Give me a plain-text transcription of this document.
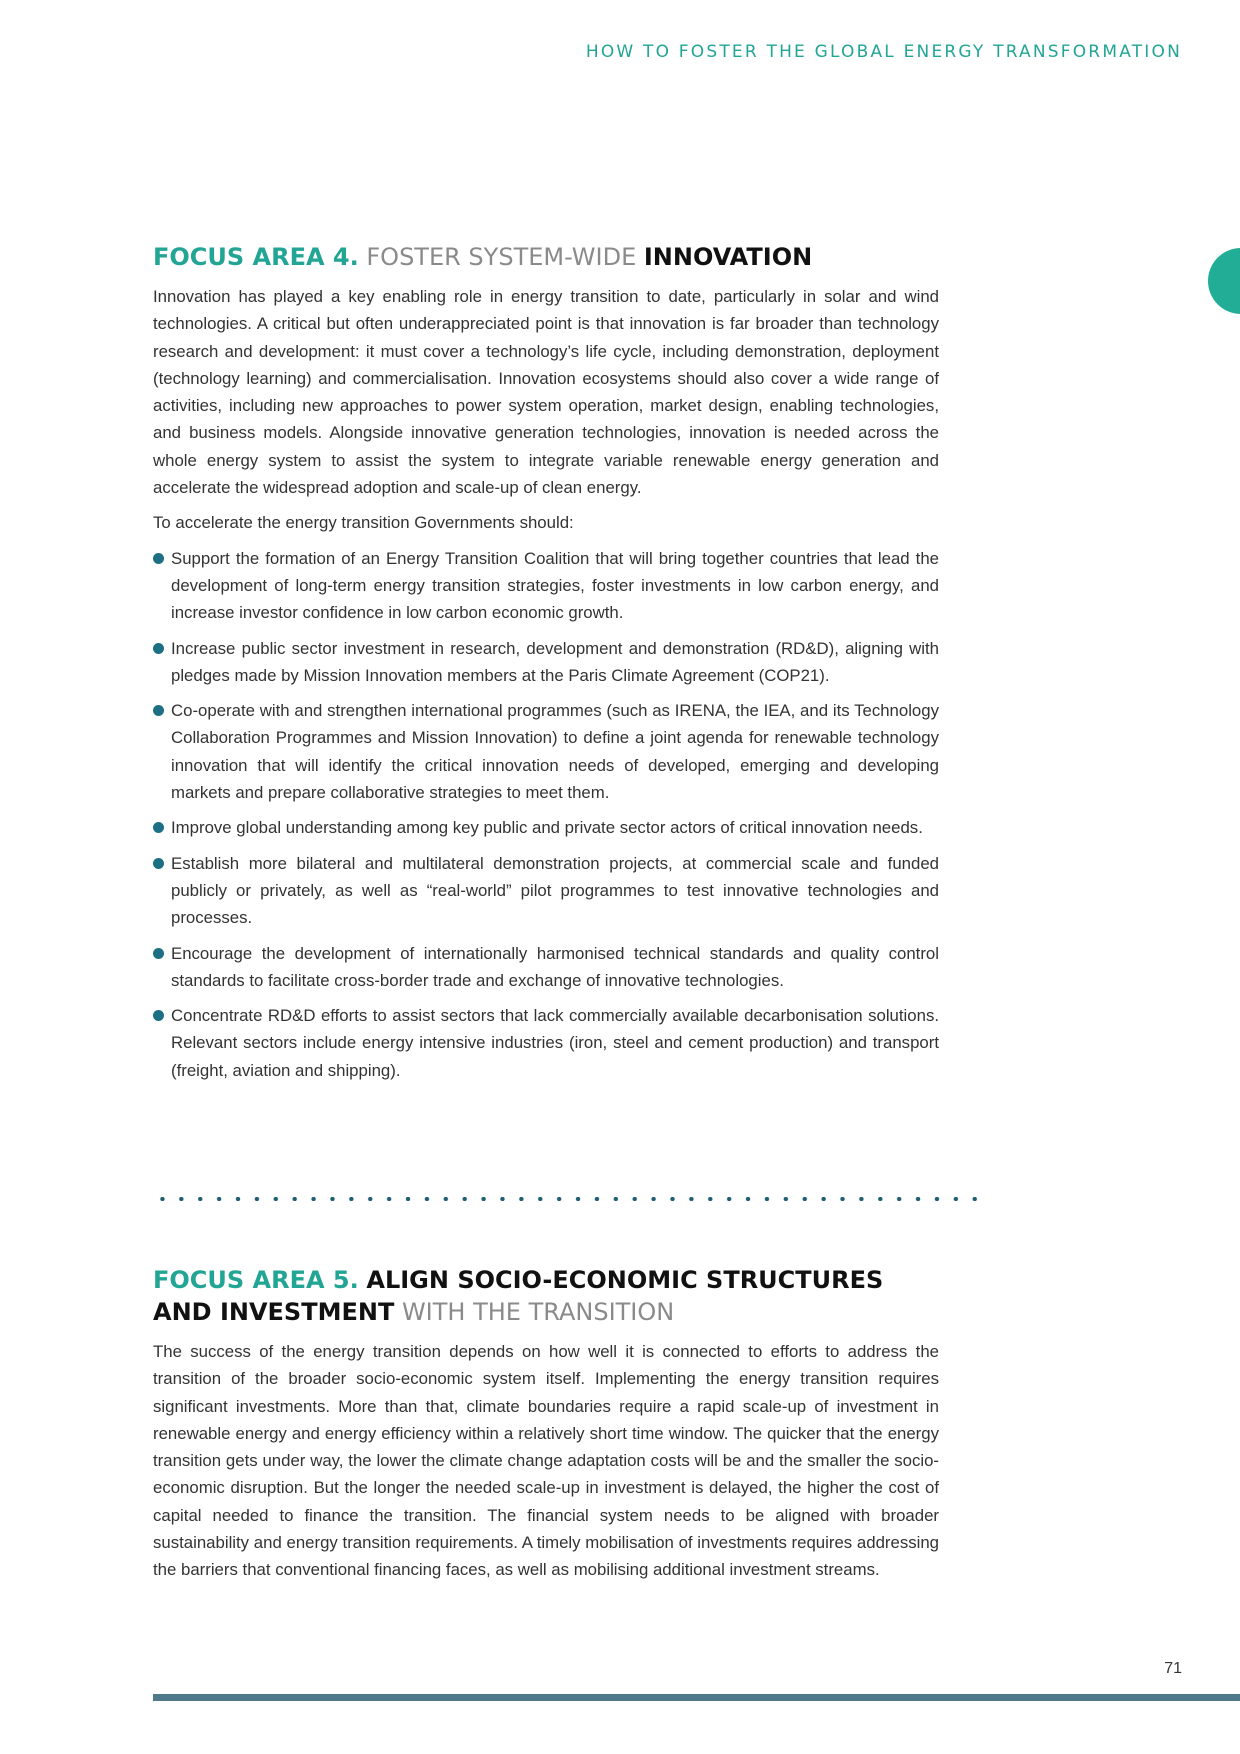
HOW TO FOSTER THE GLOBAL ENERGY TRANSFORMATION
FOCUS AREA 4. FOSTER SYSTEM-WIDE INNOVATION

Innovation has played a key enabling role in energy transition to date, particularly in solar and wind technologies. A critical but often underappreciated point is that innovation is far broader than technology research and development: it must cover a technology’s life cycle, including demonstration, deployment (technology learning) and commercialisation. Innovation ecosystems should also cover a wide range of activities, including new approaches to power system operation, market design, enabling technologies, and business models. Alongside innovative generation technologies, innovation is needed across the whole energy system to assist the system to integrate variable renewable energy generation and accelerate the widespread adoption and scale-up of clean energy.

To accelerate the energy transition Governments should:

Support the formation of an Energy Transition Coalition that will bring together countries that lead the development of long-term energy transition strategies, foster investments in low carbon energy, and increase investor confidence in low carbon economic growth.
Increase public sector investment in research, development and demonstration (RD&D), aligning with pledges made by Mission Innovation members at the Paris Climate Agreement (COP21).
Co-operate with and strengthen international programmes (such as IRENA, the IEA, and its Technology Collaboration Programmes and Mission Innovation) to define a joint agenda for renewable technology innovation that will identify the critical innovation needs of developed, emerging and developing markets and prepare collaborative strategies to meet them.
Improve global understanding among key public and private sector actors of critical innovation needs.
Establish more bilateral and multilateral demonstration projects, at commercial scale and funded publicly or privately, as well as “real-world” pilot programmes to test innovative technologies and processes.
Encourage the development of internationally harmonised technical standards and quality control standards to facilitate cross-border trade and exchange of innovative technologies.
Concentrate RD&D efforts to assist sectors that lack commercially available decarbonisation solutions. Relevant sectors include energy intensive industries (iron, steel and cement production) and transport (freight, aviation and shipping).
FOCUS AREA 5. ALIGN SOCIO-ECONOMIC STRUCTURES AND INVESTMENT WITH THE TRANSITION

The success of the energy transition depends on how well it is connected to efforts to address the transition of the broader socio-economic system itself. Implementing the energy transition requires significant investments. More than that, climate boundaries require a rapid scale-up of investment in renewable energy and energy efficiency within a relatively short time window. The quicker that the energy transition gets under way, the lower the climate change adaptation costs will be and the smaller the socio-economic disruption. But the longer the needed scale-up in investment is delayed, the higher the cost of capital needed to finance the transition. The financial system needs to be aligned with broader sustainability and energy transition requirements. A timely mobilisation of investments requires addressing the barriers that conventional financing faces, as well as mobilising additional investment streams.

71
